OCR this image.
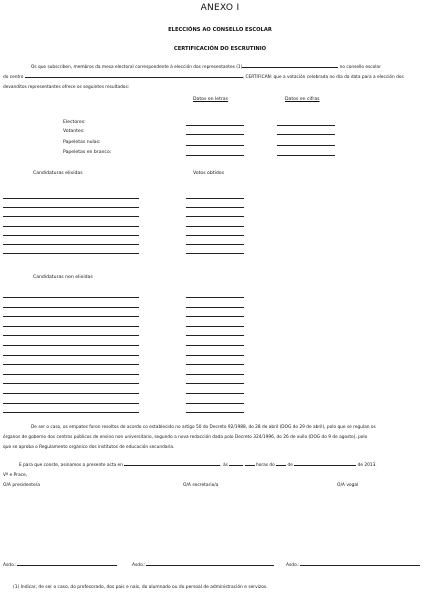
ANEXO I
ELECCIÓNS AO CONSELLO ESCOLAR
CERTIFICACIÓN DO ESCRUTINIO
Os que subscriben, membros da mesa electoral correspondente á elección dos representantes (1)	no consello escolar
do centro	, CERTIFICAN: que a votación celebrada no día da data para a elección dos
devanditos representantes ofrece os seguintes resultados:
Datos en letras	Datos en cifras
Electores:
Votantes:
Papeletas nulas:
Papeletas en branco:
Candidaturas elixidas	Votos obtidos
Candidaturas non elixidas
De ser o caso, os empates foron resoltos de acordo co establecido no artigo 50 do Decreto 92/1988, do 28 de abril (DOG do 29 de abril), polo que se regulan os
órganos de goberno dos centros públicos de ensino non universitario, segundo a nova redacción dada polo Decreto 324/1996, do 26 de xullo (DOG do 9 de agosto), polo
que se aproba o Regulamento orgánico dos institutos de educación secundaria.
E para que conste, asinamos a presente acta en	, ás	.	horas do	de	de 2013.
Vº e Prace,
O/A presidente/a	O/A secretario/a	O/A vogal
Asdo.:	Asdo.:	Asdo.:
(1) Indicar, de ser o caso, do profesorado, dos pais e nais, do alumnado ou do persoal de administración e servizos.
